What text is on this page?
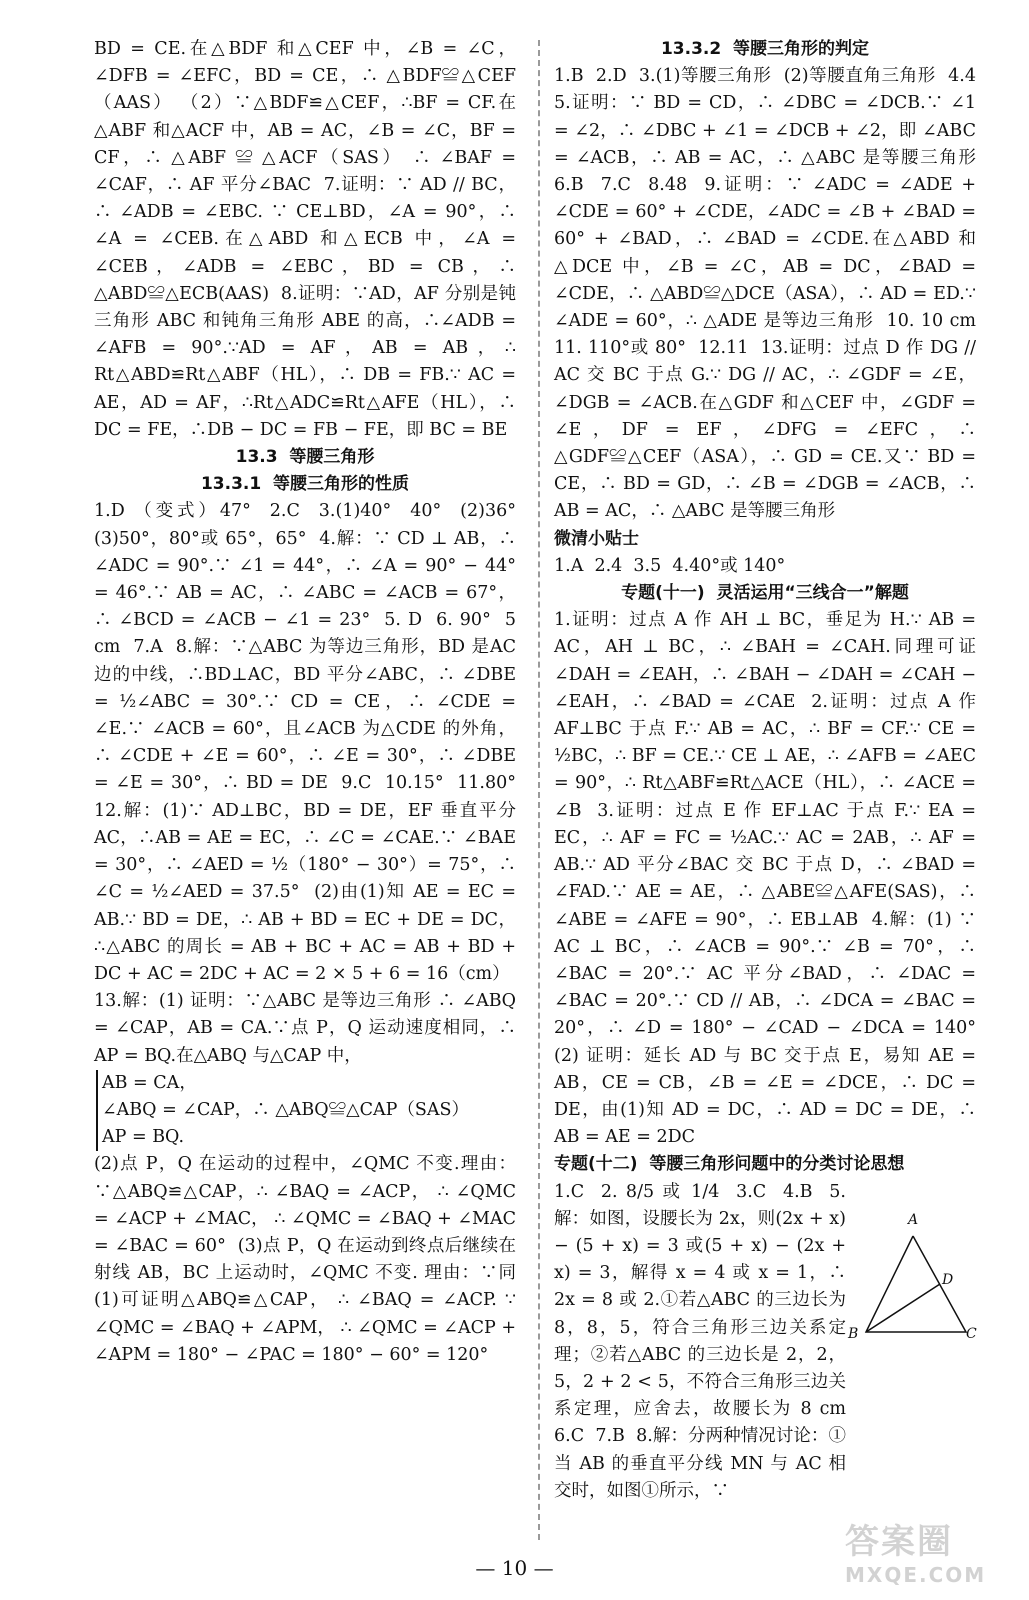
BD = CE.在△BDF 和△CEF 中，∠B = ∠C，∠DFB = ∠EFC，BD = CE，∴ △BDF≌△CEF（AAS） （2）∵△BDF≌△CEF，∴BF = CF.在△ABF 和△ACF 中，AB = AC，∠B = ∠C，BF = CF，∴ △ABF ≌ △ACF（SAS） ∴ ∠BAF = ∠CAF，∴ AF 平分∠BAC  7.证明：∵ AD // BC， ∴ ∠ADB = ∠EBC. ∵ CE⊥BD，∠A = 90°，∴ ∠A = ∠CEB.在△ABD 和△ECB 中，∠A = ∠CEB，∠ADB = ∠EBC，BD = CB，∴ △ABD≌△ECB(AAS)  8.证明：∵AD，AF 分别是钝三角形 ABC 和钝角三角形 ABE 的高，∴∠ADB = ∠AFB = 90°.∵AD = AF，AB = AB，∴ Rt△ABD≌Rt△ABF（HL），∴ DB = FB.∵ AC = AE，AD = AF，∴Rt△ADC≌Rt△AFE（HL），∴ DC = FE，∴DB − DC = FB − FE，即 BC = BE

13.3  等腰三角形

13.3.1  等腰三角形的性质

1.D （变式）47°  2.C  3.(1)40°  40°  (2)36°  (3)50°，80°或 65°，65°  4.解：∵ CD ⊥ AB，∴ ∠ADC = 90°.∵ ∠1 = 44°，∴ ∠A = 90° − 44° = 46°.∵ AB = AC，∴ ∠ABC = ∠ACB = 67°，∴ ∠BCD = ∠ACB − ∠1 = 23°  5. D  6. 90°  5 cm  7.A  8.解：∵△ABC 为等边三角形，BD 是AC 边的中线，∴BD⊥AC，BD 平分∠ABC，∴ ∠DBE = ½∠ABC = 30°.∵ CD = CE，∴ ∠CDE = ∠E.∵ ∠ACB = 60°，且∠ACB 为△CDE 的外角，∴ ∠CDE + ∠E = 60°，∴ ∠E = 30°，∴ ∠DBE = ∠E = 30°，∴ BD = DE  9.C  10.15°  11.80°  12.解：(1)∵ AD⊥BC，BD = DE，EF 垂直平分 AC，∴AB = AE = EC，∴ ∠C = ∠CAE.∵ ∠BAE = 30°，∴ ∠AED = ½（180° − 30°）= 75°，∴ ∠C = ½∠AED = 37.5°  (2)由(1)知 AE = EC = AB.∵ BD = DE，∴ AB + BD = EC + DE = DC，∴△ABC 的周长 = AB + BC + AC = AB + BD + DC + AC = 2DC + AC = 2 × 5 + 6 = 16（cm）

13.解：(1) 证明：∵△ABC 是等边三角形 ∴ ∠ABQ = ∠CAP，AB = CA.∵点 P，Q 运动速度相同，∴ AP = BQ.在△ABQ 与△CAP 中，

AB = CA，
∠ABQ = ∠CAP，∴ △ABQ≌△CAP（SAS）
AP = BQ.

(2)点 P，Q 在运动的过程中，∠QMC 不变.理由：∵△ABQ≌△CAP，∴ ∠BAQ = ∠ACP， ∴ ∠QMC = ∠ACP + ∠MAC， ∴ ∠QMC = ∠BAQ + ∠MAC = ∠BAC = 60°  (3)点 P，Q 在运动到终点后继续在射线 AB，BC 上运动时，∠QMC 不变. 理由：∵同(1)可证明△ABQ≌△CAP， ∴ ∠BAQ = ∠ACP. ∵ ∠QMC = ∠BAQ + ∠APM， ∴ ∠QMC = ∠ACP + ∠APM = 180° − ∠PAC = 180° − 60° = 120°

13.3.2  等腰三角形的判定

1.B  2.D  3.(1)等腰三角形  (2)等腰直角三角形  4.4  5.证明：∵ BD = CD，∴ ∠DBC = ∠DCB.∵ ∠1 = ∠2，∴ ∠DBC + ∠1 = ∠DCB + ∠2，即 ∠ABC = ∠ACB，∴ AB = AC，∴ △ABC 是等腰三角形  6.B  7.C  8.48  9.证明：∵ ∠ADC = ∠ADE + ∠CDE = 60° + ∠CDE，∠ADC = ∠B + ∠BAD = 60° + ∠BAD，∴ ∠BAD = ∠CDE.在△ABD 和△DCE 中，∠B = ∠C，AB = DC，∠BAD = ∠CDE，∴ △ABD≌△DCE（ASA），∴ AD = ED.∵ ∠ADE = 60°，∴ △ADE 是等边三角形  10. 10 cm  11. 110°或 80°  12.11  13.证明：过点 D 作 DG // AC 交 BC 于点 G.∵ DG // AC，∴ ∠GDF = ∠E，∠DGB = ∠ACB.在△GDF 和△CEF 中，∠GDF = ∠E，DF = EF，∠DFG = ∠EFC，∴ △GDF≌△CEF（ASA），∴ GD = CE.又∵ BD = CE，∴ BD = GD，∴ ∠B = ∠DGB = ∠ACB，∴ AB = AC，∴ △ABC 是等腰三角形

微清小贴士

1.A  2.4  3.5  4.40°或 140°

专题(十一)  灵活运用“三线合一”解题

1.证明：过点 A 作 AH ⊥ BC，垂足为 H.∵ AB = AC，AH ⊥ BC，∴ ∠BAH = ∠CAH.同理可证 ∠DAH = ∠EAH，∴ ∠BAH − ∠DAH = ∠CAH − ∠EAH，∴ ∠BAD = ∠CAE  2.证明：过点 A 作 AF⊥BC 于点 F.∵ AB = AC，∴ BF = CF.∵ CE = ½BC，∴ BF = CE.∵ CE ⊥ AE，∴ ∠AFB = ∠AEC = 90°，∴ Rt△ABF≌Rt△ACE（HL），∴ ∠ACE = ∠B  3.证明：过点 E 作 EF⊥AC 于点 F.∵ EA = EC，∴ AF = FC = ½AC.∵ AC = 2AB，∴ AF = AB.∵ AD 平分∠BAC 交 BC 于点 D，∴ ∠BAD = ∠FAD.∵ AE = AE，∴ △ABE≌△AFE(SAS)，∴ ∠ABE = ∠AFE = 90°，∴ EB⊥AB  4.解：(1) ∵ AC ⊥ BC，∴ ∠ACB = 90°.∵ ∠B = 70°，∴ ∠BAC = 20°.∵ AC 平分∠BAD，∴ ∠DAC = ∠BAC = 20°.∵ CD // AB，∴ ∠DCA = ∠BAC = 20°，∴ ∠D = 180° − ∠CAD − ∠DCA = 140°  (2) 证明：延长 AD 与 BC 交于点 E，易知 AE = AB，CE = CB，∠B = ∠E = ∠DCE，∴ DC = DE，由(1)知 AD = DC，∴ AD = DC = DE，∴ AB = AE = 2DC

专题(十二)  等腰三角形问题中的分类讨论思想

1.C  2. 8/5 或 1/4  3.C  4.B  5.解：如图，设腰长为 2x，则(2x + x) − (5 + x) = 3 或(5 + x) − (2x + x) = 3，解得 x = 4 或 x = 1，∴ 2x = 8 或 2.①若△ABC 的三边长为 8，8，5，符合三角形三边关系定理；②若△ABC 的三边长是 2，2，5，2 + 2 < 5，不符合三角形三边关系定理，应舍去，故腰长为 8 cm  6.C  7.B  8.解：分两种情况讨论：①当 AB 的垂直平分线 MN 与 AC 相交时，如图①所示，∵

A
B	C
D
— 10 —
答案圈
MXQE.COM
